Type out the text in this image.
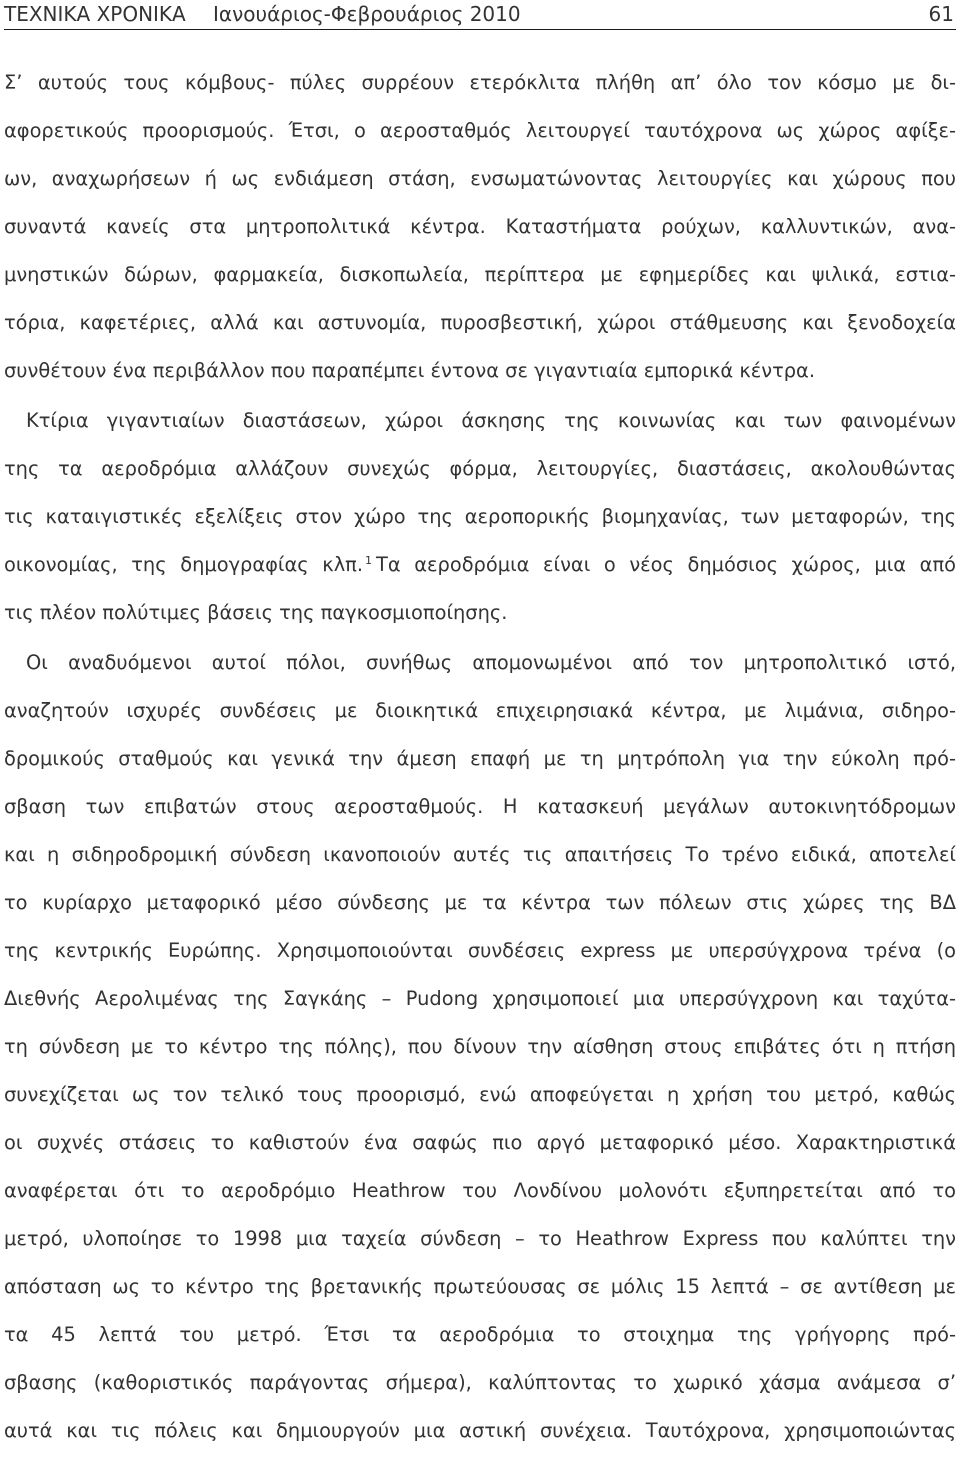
ΤΕΧΝΙΚΑ ΧΡΟΝΙΚΑ Ιανουάριος-Φεβρουάριος 2010	61
Σ’ αυτούς τους κόμβους- πύλες συρρέουν ετερόκλιτα πλήθη απ’ όλο τον κόσμο με δι-
αφορετικούς προορισμούς. Έτσι, ο αεροσταθμός λειτουργεί ταυτόχρονα ως χώρος αφίξε-
ων, αναχωρήσεων ή ως ενδιάμεση στάση, ενσωματώνοντας λειτουργίες και χώρους που
συναντά κανείς στα μητροπολιτικά κέντρα. Καταστήματα ρούχων, καλλυντικών, ανα-
μνηστικών δώρων, φαρμακεία, δισκοπωλεία, περίπτερα με εφημερίδες και ψιλικά, εστια-
τόρια, καφετέριες, αλλά και αστυνομία, πυροσβεστική, χώροι στάθμευσης και ξενοδοχεία
συνθέτουν ένα περιβάλλον που παραπέμπει έντονα σε γιγαντιαία εμπορικά κέντρα.
Κτίρια γιγαντιαίων διαστάσεων, χώροι άσκησης της κοινωνίας και των φαινομένων
της τα αεροδρόμια αλλάζουν συνεχώς φόρμα, λειτουργίες, διαστάσεις, ακολουθώντας
τις καταιγιστικές εξελίξεις στον χώρο της αεροπορικής βιομηχανίας, των μεταφορών, της
οικονομίας, της δημογραφίας κλπ. $^1$ Τα αεροδρόμια είναι ο νέος δημόσιος χώρος, μια από
τις πλέον πολύτιμες βάσεις της παγκοσμιοποίησης.
Οι αναδυόμενοι αυτοί πόλοι, συνήθως απομονωμένοι από τον μητροπολιτικό ιστό,
αναζητούν ισχυρές συνδέσεις με διοικητικά επιχειρησιακά κέντρα, με λιμάνια, σιδηρο-
δρομικούς σταθμούς και γενικά την άμεση επαφή με τη μητρόπολη για την εύκολη πρό-
σβαση των επιβατών στους αεροσταθμούς. Η κατασκευή μεγάλων αυτοκινητόδρομων
και η σιδηροδρομική σύνδεση ικανοποιούν αυτές τις απαιτήσεις Το τρένο ειδικά, αποτελεί
το κυρίαρχο μεταφορικό μέσο σύνδεσης με τα κέντρα των πόλεων στις χώρες της ΒΔ
της κεντρικής Ευρώπης. Χρησιμοποιούνται συνδέσεις express με υπερσύγχρονα τρένα (ο
Διεθνής Αερολιμένας της Σαγκάης – Pudong χρησιμοποιεί μια υπερσύγχρονη και ταχύτα-
τη σύνδεση με το κέντρο της πόλης), που δίνουν την αίσθηση στους επιβάτες ότι η πτήση
συνεχίζεται ως τον τελικό τους προορισμό, ενώ αποφεύγεται η χρήση του μετρό, καθώς
οι συχνές στάσεις το καθιστούν ένα σαφώς πιο αργό μεταφορικό μέσο. Χαρακτηριστικά
αναφέρεται ότι το αεροδρόμιο Heathrow του Λονδίνου μολονότι εξυπηρετείται από το
μετρό, υλοποίησε το 1998 μια ταχεία σύνδεση – το Heathrow Express που καλύπτει την
απόσταση ως το κέντρο της βρετανικής πρωτεύουσας σε μόλις 15 λεπτά – σε αντίθεση με
τα 45 λεπτά του μετρό. Έτσι τα αεροδρόμια το στοιχημα της γρήγορης πρό-
σβασης (καθοριστικός παράγοντας σήμερα), καλύπτοντας το χωρικό χάσμα ανάμεσα σ’
αυτά και τις πόλεις και δημιουργούν μια αστική συνέχεια. Ταυτόχρονα, χρησιμοποιώντας
